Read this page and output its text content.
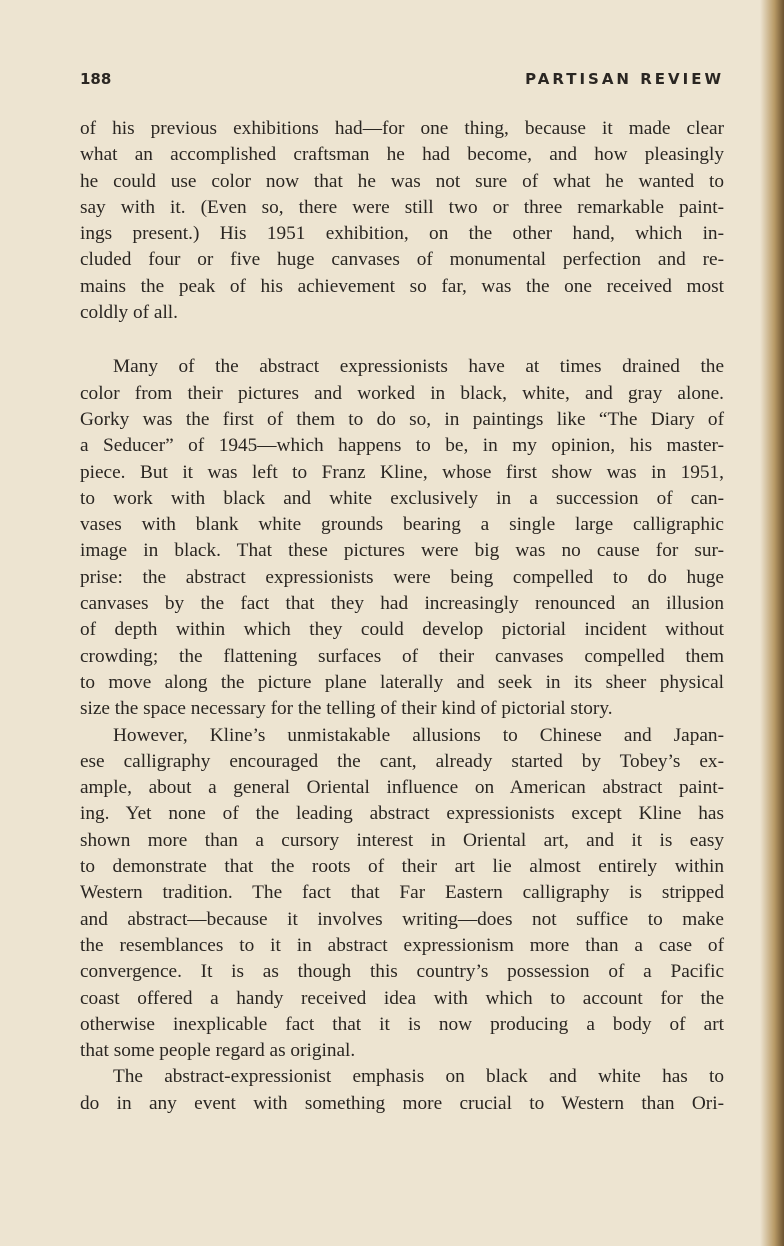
188	PARTISAN REVIEW
of his previous exhibitions had—for one thing, because it made clear
what an accomplished craftsman he had become, and how pleasingly
he could use color now that he was not sure of what he wanted to
say with it. (Even so, there were still two or three remarkable paint-
ings present.) His 1951 exhibition, on the other hand, which in-
cluded four or five huge canvases of monumental perfection and re-
mains the peak of his achievement so far, was the one received most
coldly of all.
Many of the abstract expressionists have at times drained the
color from their pictures and worked in black, white, and gray alone.
Gorky was the first of them to do so, in paintings like “The Diary of
a Seducer” of 1945—which happens to be, in my opinion, his master-
piece. But it was left to Franz Kline, whose first show was in 1951,
to work with black and white exclusively in a succession of can-
vases with blank white grounds bearing a single large calligraphic
image in black. That these pictures were big was no cause for sur-
prise: the abstract expressionists were being compelled to do huge
canvases by the fact that they had increasingly renounced an illusion
of depth within which they could develop pictorial incident without
crowding; the flattening surfaces of their canvases compelled them
to move along the picture plane laterally and seek in its sheer physical
size the space necessary for the telling of their kind of pictorial story.
However, Kline’s unmistakable allusions to Chinese and Japan-
ese calligraphy encouraged the cant, already started by Tobey’s ex-
ample, about a general Oriental influence on American abstract paint-
ing. Yet none of the leading abstract expressionists except Kline has
shown more than a cursory interest in Oriental art, and it is easy
to demonstrate that the roots of their art lie almost entirely within
Western tradition. The fact that Far Eastern calligraphy is stripped
and abstract—because it involves writing—does not suffice to make
the resemblances to it in abstract expressionism more than a case of
convergence. It is as though this country’s possession of a Pacific
coast offered a handy received idea with which to account for the
otherwise inexplicable fact that it is now producing a body of art
that some people regard as original.
The abstract-expressionist emphasis on black and white has to
do in any event with something more crucial to Western than Ori-
